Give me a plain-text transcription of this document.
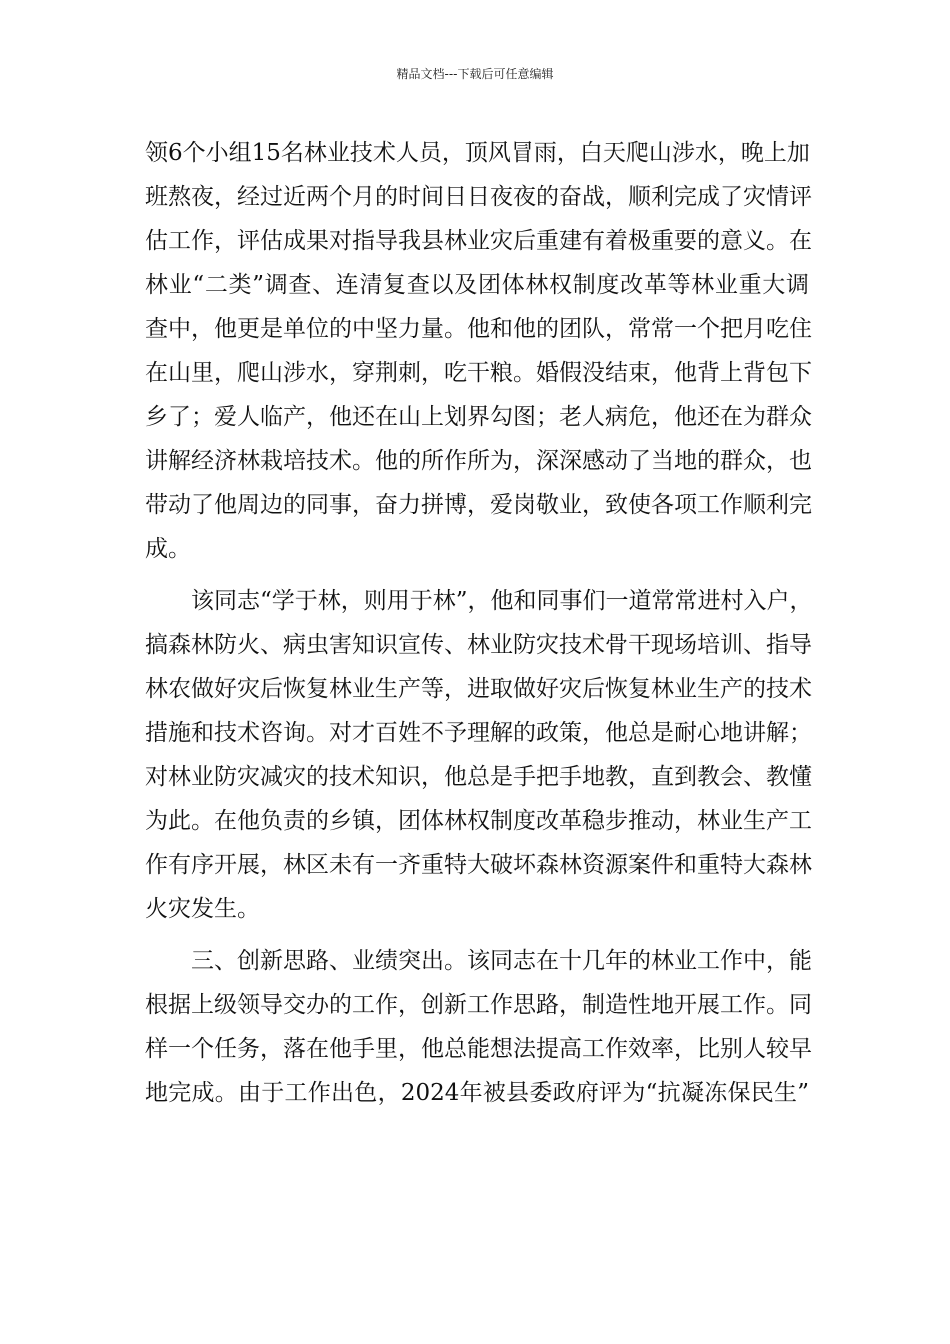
精品文档---下载后可任意编辑
领6个小组15名林业技术人员，顶风冒雨，白天爬山涉水，晚上加
班熬夜，经过近两个月的时间日日夜夜的奋战，顺利完成了灾情评
估工作，评估成果对指导我县林业灾后重建有着极重要的意义。在
林业“二类”调查、连清复查以及团体林权制度改革等林业重大调
查中，他更是单位的中坚力量。他和他的团队，常常一个把月吃住
在山里，爬山涉水，穿荆刺，吃干粮。婚假没结束，他背上背包下
乡了；爱人临产，他还在山上划界勾图；老人病危，他还在为群众
讲解经济林栽培技术。他的所作所为，深深感动了当地的群众，也
带动了他周边的同事，奋力拼博，爱岗敬业，致使各项工作顺利完
成。
该同志“学于林，则用于林”，他和同事们一道常常进村入户，
搞森林防火、病虫害知识宣传、林业防灾技术骨干现场培训、指导
林农做好灾后恢复林业生产等，进取做好灾后恢复林业生产的技术
措施和技术咨询。对才百姓不予理解的政策，他总是耐心地讲解；
对林业防灾减灾的技术知识，他总是手把手地教，直到教会、教懂
为此。在他负责的乡镇，团体林权制度改革稳步推动，林业生产工
作有序开展，林区未有一齐重特大破坏森林资源案件和重特大森林
火灾发生。
三、创新思路、业绩突出。该同志在十几年的林业工作中，能
根据上级领导交办的工作，创新工作思路，制造性地开展工作。同
样一个任务，落在他手里，他总能想法提高工作效率，比别人较早
地完成。由于工作出色，2024年被县委政府评为“抗凝冻保民生”
